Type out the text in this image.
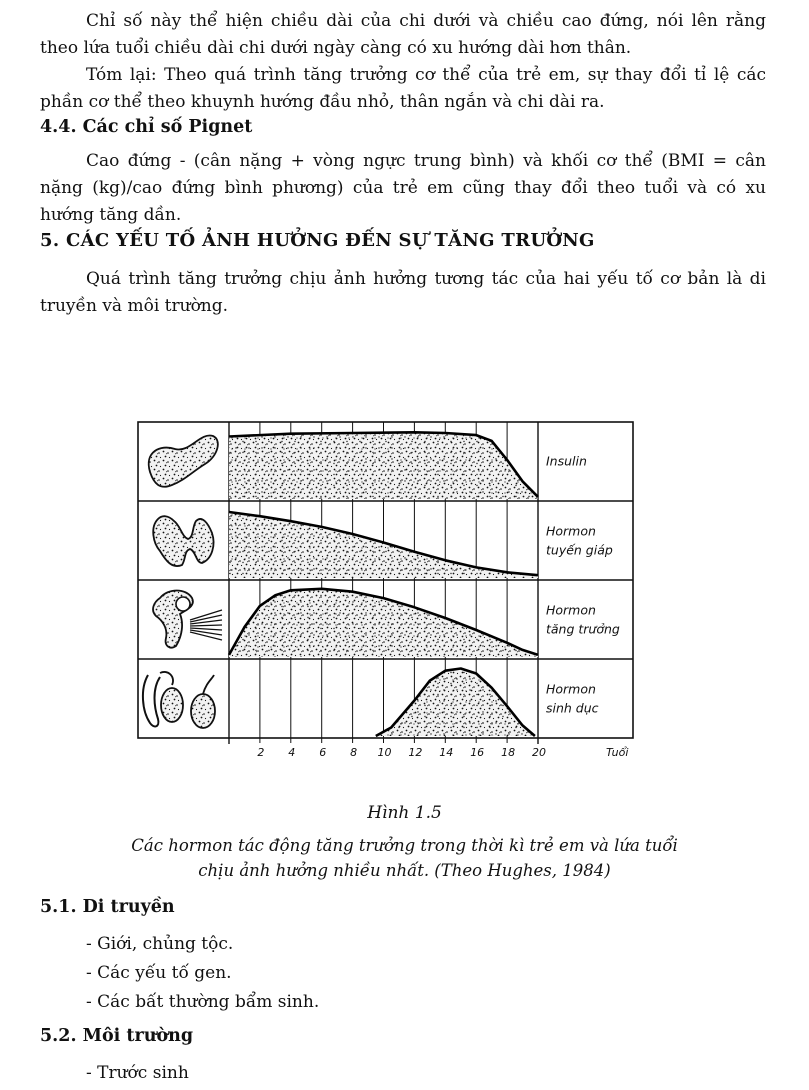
Chỉ số này thể hiện chiều dài của chi dưới và chiều cao đứng, nói lên rằng theo lứa tuổi chiều dài chi dưới ngày càng có xu hướng dài hơn thân.

Tóm lại: Theo quá trình tăng trưởng cơ thể của trẻ em, sự thay đổi tỉ lệ các phần cơ thể theo khuynh hướng đầu nhỏ, thân ngắn và chi dài ra.

4.4. Các chỉ số Pignet

Cao đứng - (cân nặng + vòng ngực trung bình) và khối cơ thể (BMI = cân nặng (kg)/cao đứng bình phương) của trẻ em cũng thay đổi theo tuổi và có xu hướng tăng dần.

5. CÁC YẾU TỐ ẢNH HƯỞNG ĐẾN SỰ TĂNG TRƯỞNG

Quá trình tăng trưởng chịu ảnh hưởng tương tác của hai yếu tố cơ bản là di truyền và môi trường.

Insulin
Hormon
tuyến giáp
Hormon
tăng trưởng
Hormon
sinh dục
2 4 6 8 10 12 14 16 18 20	Tuổi
Hình 1.5
Các hormon tác động tăng trưởng trong thời kì trẻ em và lứa tuổi
chịu ảnh hưởng nhiều nhất. (Theo Hughes, 1984)
5.1. Di truyền

- Giới, chủng tộc.

- Các yếu tố gen.

- Các bất thường bẩm sinh.

5.2. Môi trường

- Trước sinh
